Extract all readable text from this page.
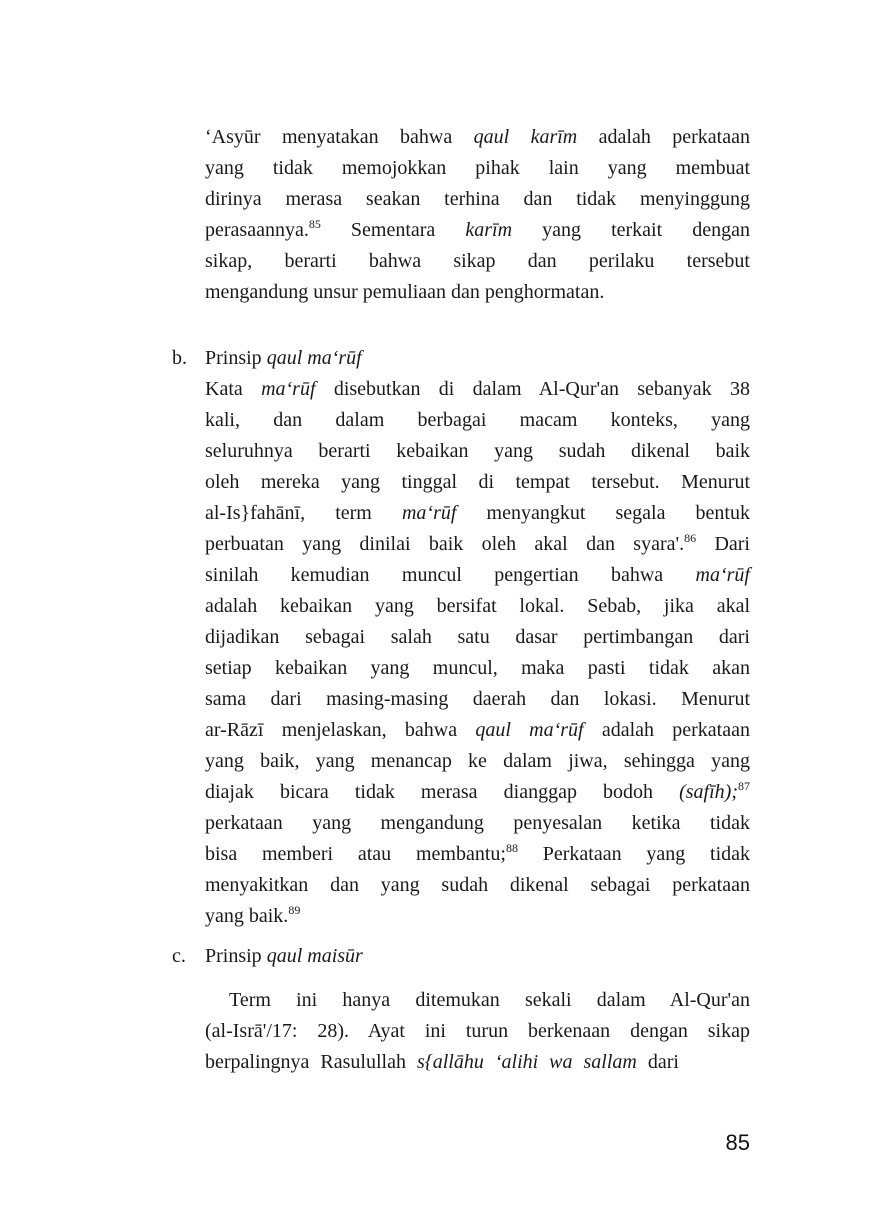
‘Asyūr menyatakan bahwa qaul karīm adalah perkataan
yang tidak memojokkan pihak lain yang membuat
dirinya merasa seakan terhina dan tidak menyinggung
perasaannya.$^{85}$ Sementara karīm yang terkait dengan
sikap, berarti bahwa sikap dan perilaku tersebut
mengandung unsur pemuliaan dan penghormatan.
b. Prinsip qaul ma‘rūf
Kata ma‘rūf disebutkan di dalam Al-Qur'an sebanyak 38
kali, dan dalam berbagai macam konteks, yang
seluruhnya berarti kebaikan yang sudah dikenal baik
oleh mereka yang tinggal di tempat tersebut. Menurut
al-Is}fahānī, term ma‘rūf menyangkut segala bentuk
perbuatan yang dinilai baik oleh akal dan syara'.$^{86}$ Dari
sinilah kemudian muncul pengertian bahwa ma‘rūf
adalah kebaikan yang bersifat lokal. Sebab, jika akal
dijadikan sebagai salah satu dasar pertimbangan dari
setiap kebaikan yang muncul, maka pasti tidak akan
sama dari masing-masing daerah dan lokasi. Menurut
ar-Rāzī menjelaskan, bahwa qaul ma‘rūf adalah perkataan
yang baik, yang menancap ke dalam jiwa, sehingga yang
diajak bicara tidak merasa dianggap bodoh (safīh);$^{87}$
perkataan yang mengandung penyesalan ketika tidak
bisa memberi atau membantu;$^{88}$ Perkataan yang tidak
menyakitkan dan yang sudah dikenal sebagai perkataan
yang baik.$^{89}$
c. Prinsip qaul maisūr
Term ini hanya ditemukan sekali dalam Al-Qur'an
(al-Isrā'/17: 28). Ayat ini turun berkenaan dengan sikap
berpalingnya Rasulullah s{allāhu ‘alihi wa sallam dari
85
